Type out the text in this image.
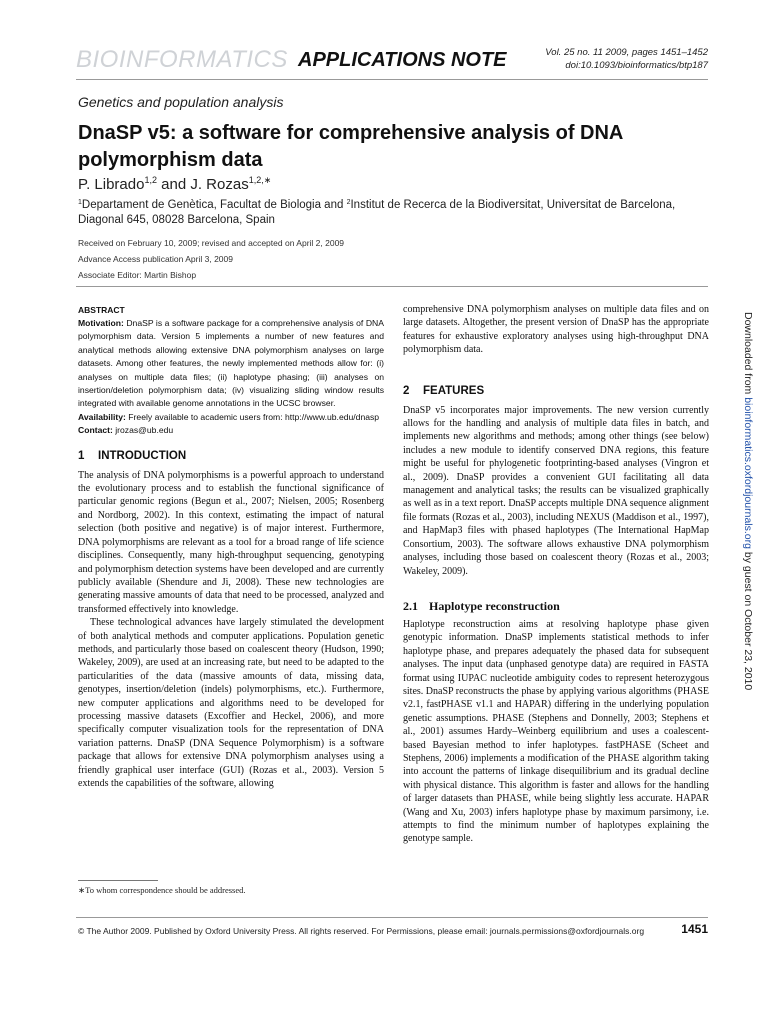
BIOINFORMATICS APPLICATIONS NOTE	Vol. 25 no. 11 2009, pages 1451–1452
doi:10.1093/bioinformatics/btp187
Genetics and population analysis
DnaSP v5: a software for comprehensive analysis of DNA polymorphism data
P. Librado$^{1,2}$ and J. Rozas$^{1,2,∗}$
$^1$Departament de Genètica, Facultat de Biologia and $^2$Institut de Recerca de la Biodiversitat, Universitat de Barcelona, Diagonal 645, 08028 Barcelona, Spain
Received on February 10, 2009; revised and accepted on April 2, 2009
Advance Access publication April 3, 2009
Associate Editor: Martin Bishop
ABSTRACT

Motivation: DnaSP is a software package for a comprehensive analysis of DNA polymorphism data. Version 5 implements a number of new features and analytical methods allowing extensive DNA polymorphism analyses on large datasets. Among other features, the newly implemented methods allow for: (i) analyses on multiple data files; (ii) haplotype phasing; (iii) analyses on insertion/deletion polymorphism data; (iv) visualizing sliding window results integrated with available genome annotations in the UCSC browser.

Availability: Freely available to academic users from: http://www.ub.edu/dnasp

Contact: jrozas@ub.edu

1 INTRODUCTION

The analysis of DNA polymorphisms is a powerful approach to understand the evolutionary process and to establish the functional significance of particular genomic regions (Begun et al., 2007; Nielsen, 2005; Rosenberg and Nordborg, 2002). In this context, estimating the impact of natural selection (both positive and negative) is of major interest. Furthermore, DNA polymorphisms are relevant as a tool for a broad range of life science disciplines. Consequently, many high-throughput sequencing, genotyping and polymorphism detection systems have been developed and are currently publicly available (Shendure and Ji, 2008). These new technologies are generating massive amounts of data that need to be processed, analyzed and transformed effectively into knowledge.

These technological advances have largely stimulated the development of both analytical methods and computer applications. Population genetic methods, and particularly those based on coalescent theory (Hudson, 1990; Wakeley, 2009), are used at an increasing rate, but need to be adapted to the particularities of the data (massive amounts of data, missing data, genotypes, insertion/deletion (indels) polymorphisms, etc.). Furthermore, new computer applications and algorithms need to be developed for processing massive datasets (Excoffier and Heckel, 2006), and more specifically computer visualization tools for the representation of DNA variation patterns. DnaSP (DNA Sequence Polymorphism) is a software package that allows for extensive DNA polymorphism analyses using a friendly graphical user interface (GUI) (Rozas et al., 2003). Version 5 extends the capabilities of the software, allowing

comprehensive DNA polymorphism analyses on multiple data files and on large datasets. Altogether, the present version of DnaSP has the appropriate features for exhaustive exploratory analyses using high-throughput DNA polymorphism data.

2 FEATURES

DnaSP v5 incorporates major improvements. The new version currently allows for the handling and analysis of multiple data files in batch, and implements new algorithms and methods; among other things (see below) includes a new module to identify conserved DNA regions, this feature might be useful for phylogenetic footprinting-based analyses (Vingron et al., 2009). DnaSP provides a convenient GUI facilitating all data management and analytical tasks; the results can be visualized graphically as well as in a text report. DnaSP accepts multiple DNA sequence alignment file formats (Rozas et al., 2003), including NEXUS (Maddison et al., 1997), and HapMap3 files with phased haplotypes (The International HapMap Consortium, 2003). The software allows exhaustive DNA polymorphism analyses, including those based on coalescent theory (Rozas et al., 2003; Wakeley, 2009).

2.1 Haplotype reconstruction

Haplotype reconstruction aims at resolving haplotype phase given genotypic information. DnaSP implements statistical methods to infer haplotype phase, and prepares adequately the phased data for subsequent analyses. The input data (unphased genotype data) are required in FASTA format using IUPAC nucleotide ambiguity codes to represent heterozygous sites. DnaSP reconstructs the phase by applying various algorithms (PHASE v2.1, fastPHASE v1.1 and HAPAR) differing in the underlying population genetic assumptions. PHASE (Stephens and Donnelly, 2003; Stephens et al., 2001) assumes Hardy–Weinberg equilibrium and uses a coalescent-based Bayesian method to infer haplotypes. fastPHASE (Scheet and Stephens, 2006) implements a modification of the PHASE algorithm taking into account the patterns of linkage disequilibrium and its gradual decline with physical distance. This algorithm is faster and allows for the handling of larger datasets than PHASE, while being slightly less accurate. HAPAR (Wang and Xu, 2003) infers haplotype phase by maximum parsimony, i.e. attempts to find the minimum number of haplotypes explaining the genotype sample.

∗To whom correspondence should be addressed.
© The Author 2009. Published by Oxford University Press. All rights reserved. For Permissions, please email: journals.permissions@oxfordjournals.org	1451
Downloaded from bioinformatics.oxfordjournals.org by guest on October 23, 2010
